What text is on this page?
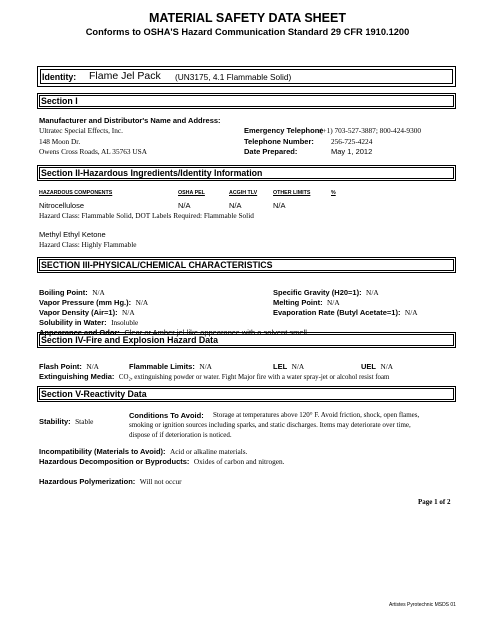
MATERIAL SAFETY DATA SHEET
Conforms to OSHA'S Hazard Communication Standard 29 CFR 1910.1200
Identity: Flame Jel Pack (UN3175, 4.1 Flammable Solid)
Section I
Manufacturer and Distributor's Name and Address:
Ultratec Special Effects, Inc.
148 Moon Dr.
Owens Cross Roads, AL 35763 USA
Emergency Telephone
:(+1) 703-527-3887; 800-424-9300
Telephone Number: 256-725-4224
Date Prepared:	May 1, 2012
Section II-Hazardous Ingredients/Identity Information
HAZARDOUS COMPONENTS	OSHA PEL	ACGIH TLV	OTHER LIMITS	%
Nitrocellulose	N/A	N/A	N/A
Hazard Class: Flammable Solid, DOT Labels Required: Flammable Solid
Methyl Ethyl Ketone
Hazard Class: Highly Flammable
SECTION III-PHYSICAL/CHEMICAL CHARACTERISTICS
Boiling Point: N/A
Vapor Pressure (mm Hg.): N/A
Vapor Density (Air=1): N/A
Solubility in Water: Insoluble
Appearance and Odor: Clear or Amber jel-like appearance with a solvent smell
Specific Gravity (H20=1): N/A
Melting Point: N/A
Evaporation Rate (Butyl Acetate=1): N/A
Section IV-Fire and Explosion Hazard Data
Flash Point: N/A	Flammable Limits: N/A	LEL N/A	UEL N/A
Extinguishing Media: CO₂, extinguishing powder or water. Fight Major fire with a water spray-jet or alcohol resist foam
Section V-Reactivity Data
Stability: Stable
Conditions To Avoid: Storage at temperatures above 120° F. Avoid friction, shock, open flames,
smoking or ignition sources including sparks, and static discharges. Items may deteriorate over time,
dispose of if deterioration is noticed.
Incompatibility (Materials to Avoid): Acid or alkaline materials.
Hazardous Decomposition or Byproducts: Oxides of carbon and nitrogen.
Hazardous Polymerization: Will not occur
Page 1 of 2
Artistes Pyrotechnic MSDS 01
